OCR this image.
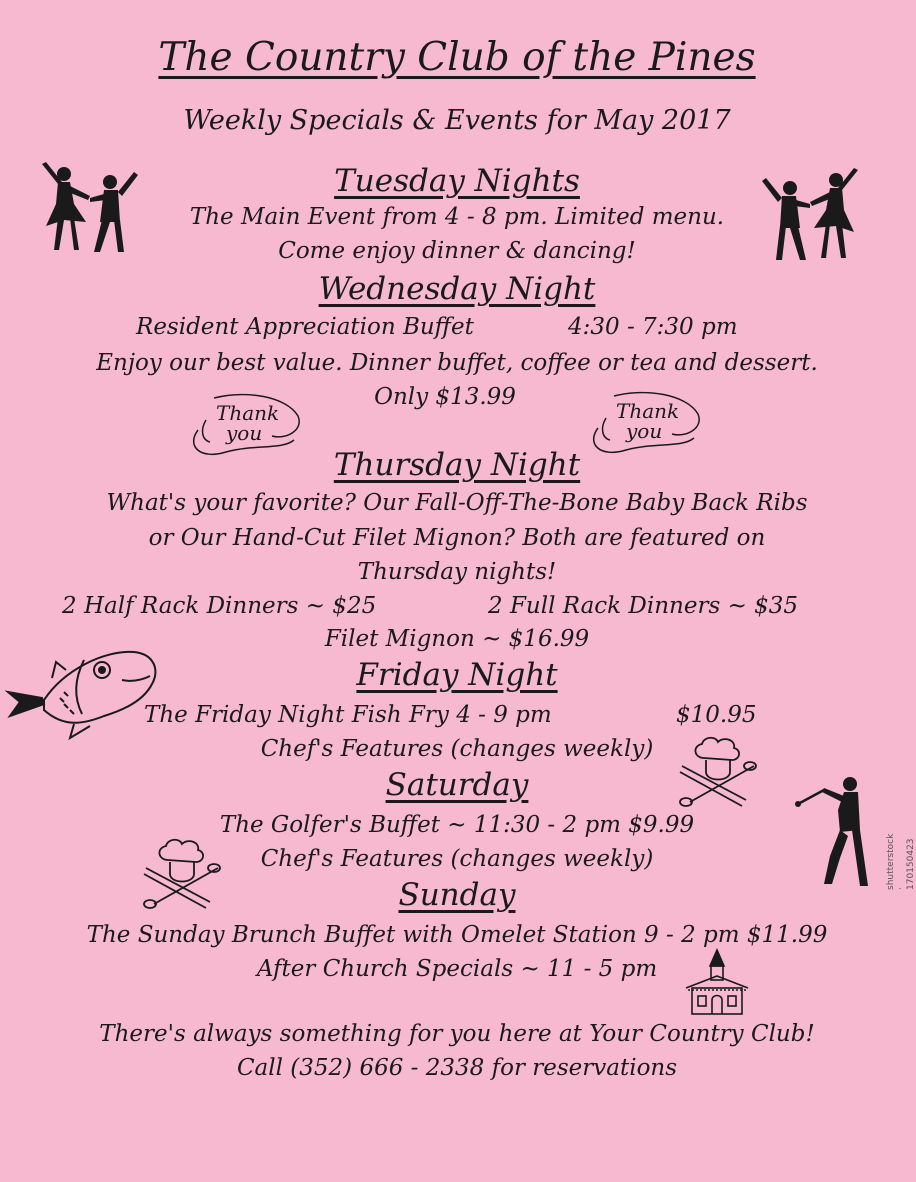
The Country Club of the Pines
Weekly Specials & Events for May 2017
Tuesday Nights
The Main Event from 4 - 8 pm. Limited menu.
Come enjoy dinner & dancing!
Wednesday Night
Resident Appreciation Buffet	4:30 - 7:30 pm
Enjoy our best value. Dinner buffet, coffee or tea and dessert.
Only $13.99
Thursday Night
What's your favorite? Our Fall-Off-The-Bone Baby Back Ribs
or Our Hand-Cut Filet Mignon? Both are featured on
Thursday nights!
2 Half Rack Dinners ~ $25	2 Full Rack Dinners ~ $35
Filet Mignon ~ $16.99
Friday Night
The Friday Night Fish Fry 4 - 9 pm	$10.95
Chef's Features (changes weekly)
Saturday
The Golfer's Buffet ~ 11:30 - 2 pm $9.99
Chef's Features (changes weekly)
Sunday
The Sunday Brunch Buffet with Omelet Station 9 - 2 pm $11.99
After Church Specials ~ 11 - 5 pm
There's always something for you here at Your Country Club!
Call (352) 666 - 2338 for reservations
Thank
you
Thank
you
shutterstock · 170150423
